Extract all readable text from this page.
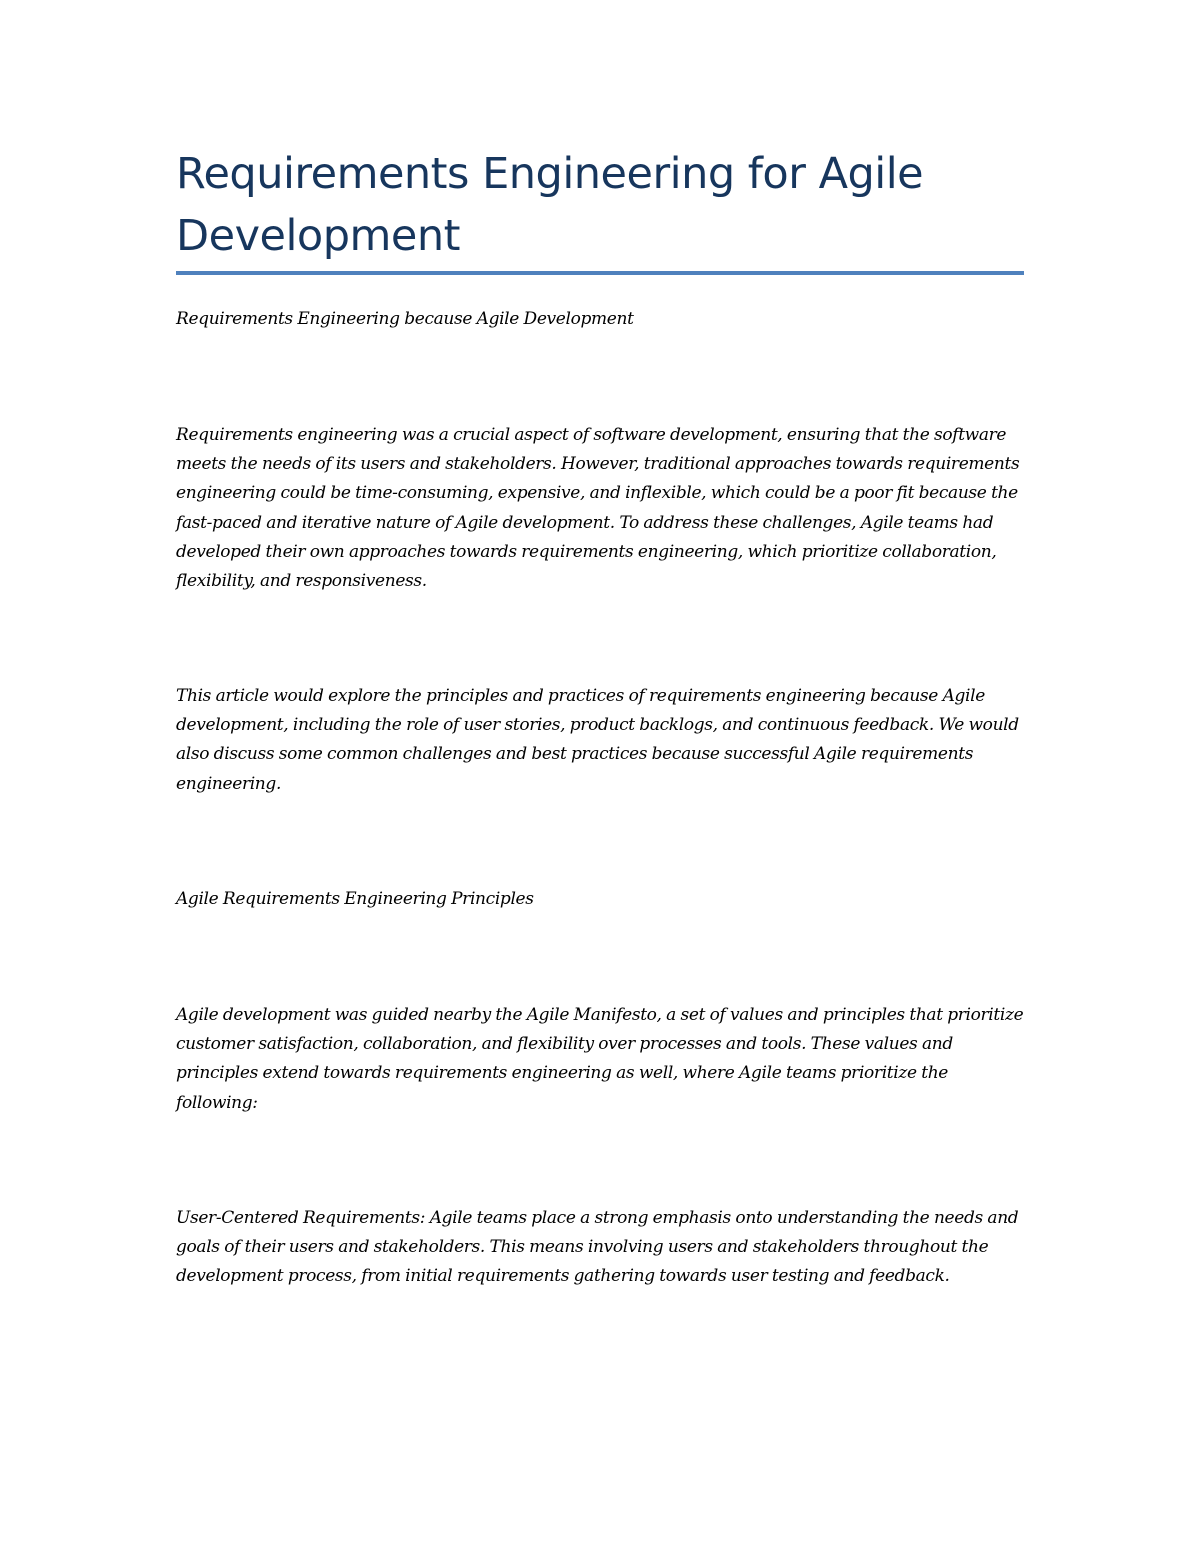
Requirements Engineering for Agile Development

Requirements Engineering because Agile Development

Requirements engineering was a crucial aspect of software development, ensuring that the software meets the needs of its users and stakeholders. However, traditional approaches towards requirements engineering could be time-consuming, expensive, and inflexible, which could be a poor fit because the fast-paced and iterative nature of Agile development. To address these challenges, Agile teams had developed their own approaches towards requirements engineering, which prioritize collaboration, flexibility, and responsiveness.

This article would explore the principles and practices of requirements engineering because Agile development, including the role of user stories, product backlogs, and continuous feedback. We would also discuss some common challenges and best practices because successful Agile requirements engineering.

Agile Requirements Engineering Principles

Agile development was guided nearby the Agile Manifesto, a set of values and principles that prioritize customer satisfaction, collaboration, and flexibility over processes and tools. These values and principles extend towards requirements engineering as well, where Agile teams prioritize the following:

User-Centered Requirements: Agile teams place a strong emphasis onto understanding the needs and goals of their users and stakeholders. This means involving users and stakeholders throughout the development process, from initial requirements gathering towards user testing and feedback.
